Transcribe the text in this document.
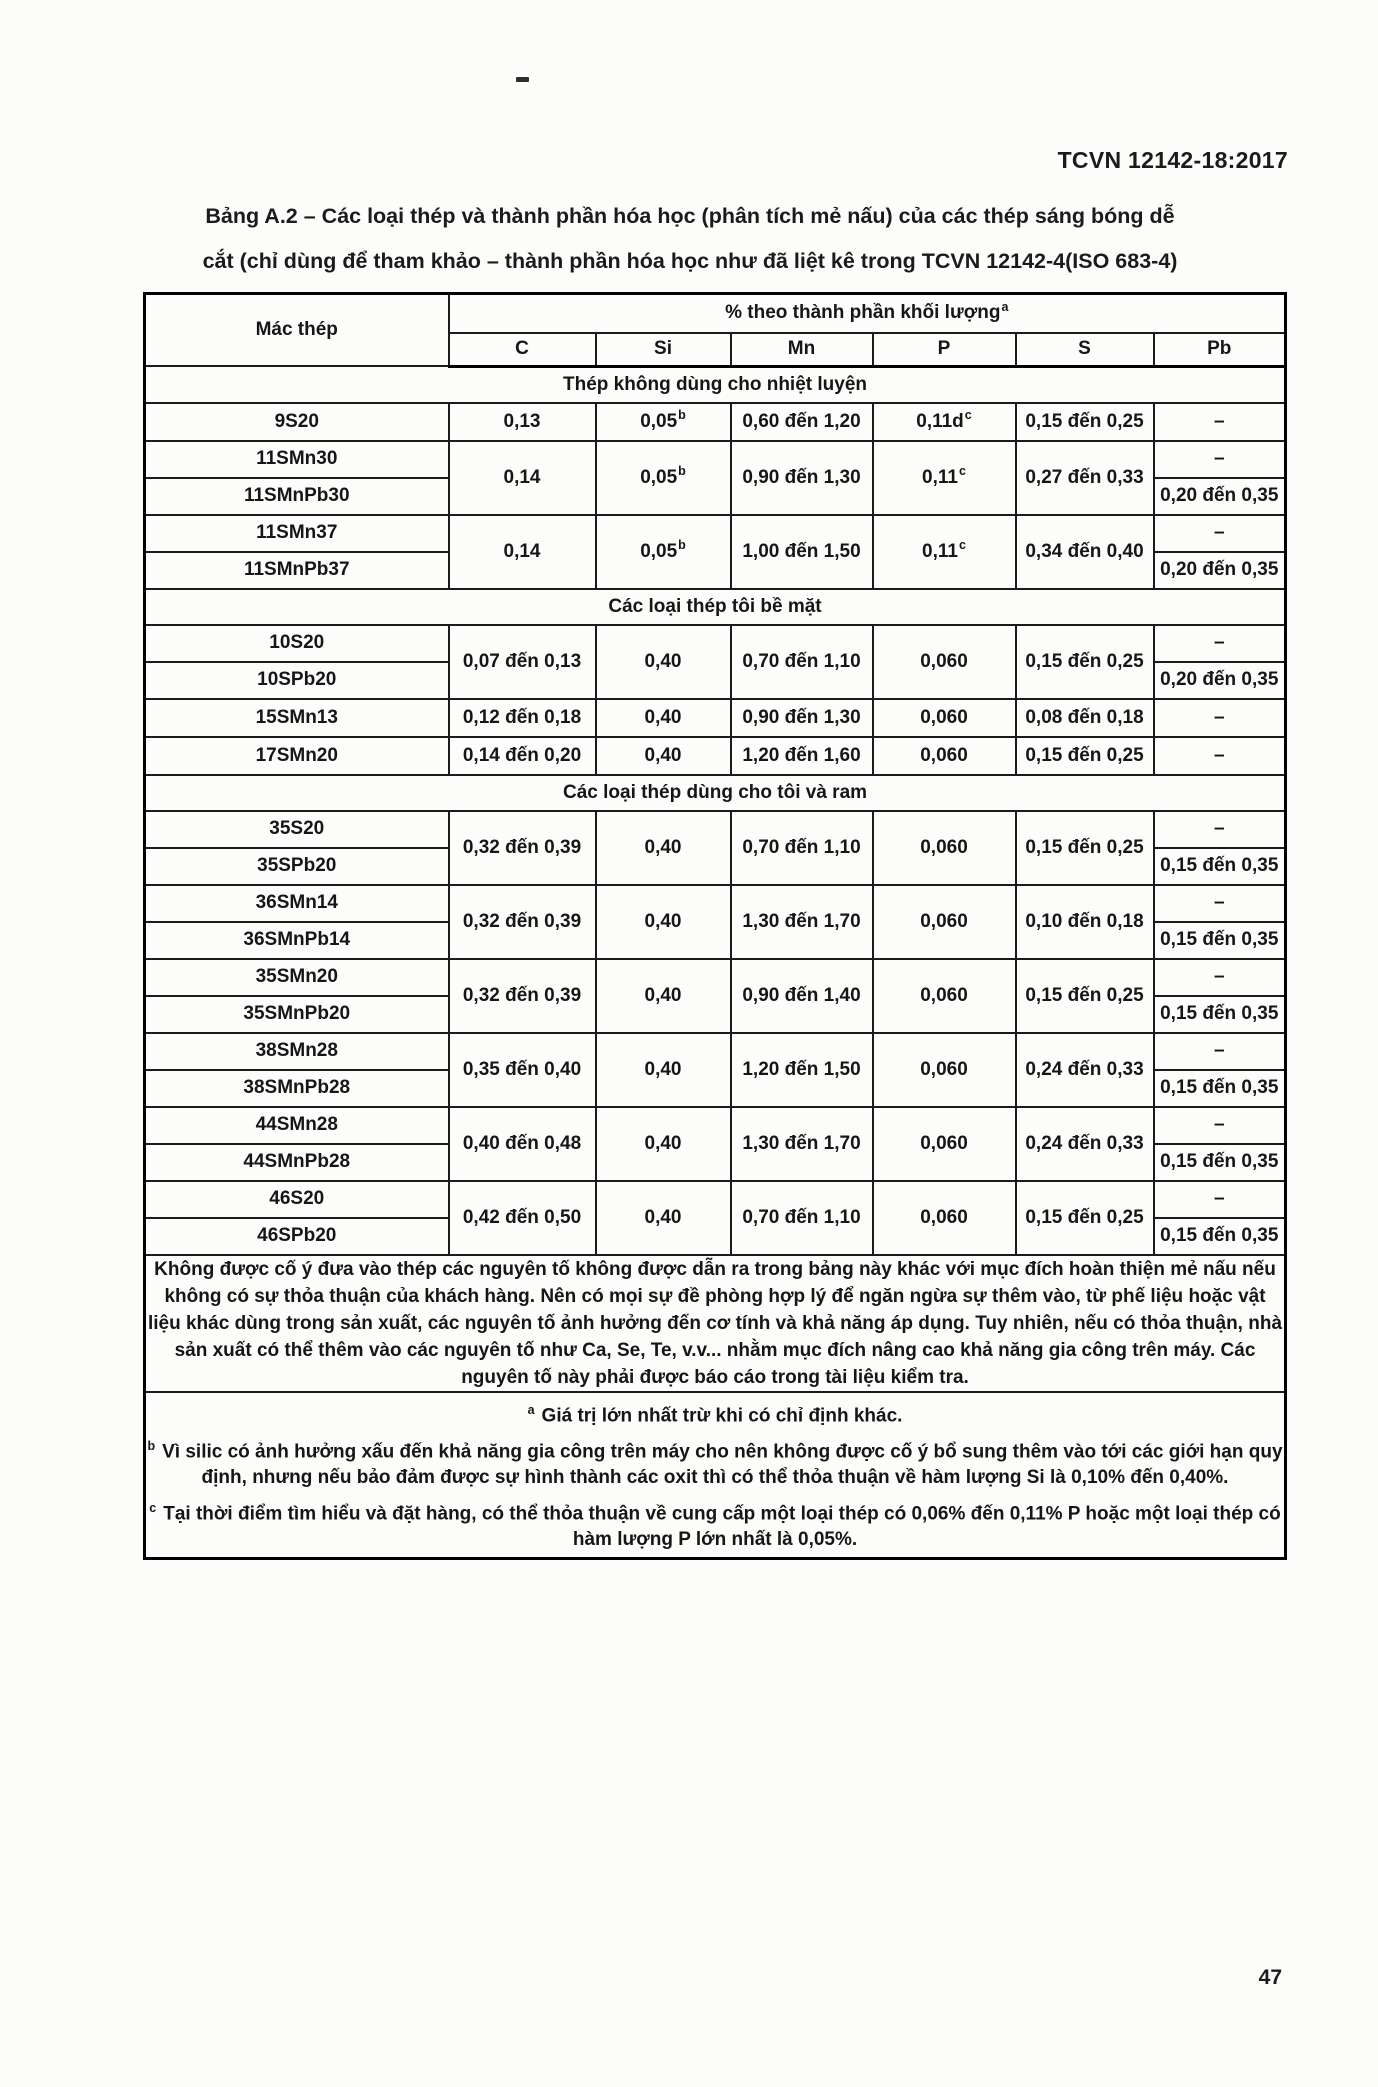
TCVN 12142-18:2017
Bảng A.2 – Các loại thép và thành phần hóa học (phân tích mẻ nấu) của các thép sáng bóng dễ
cắt (chỉ dùng để tham khảo – thành phần hóa học như đã liệt kê trong TCVN 12142-4(ISO 683-4)
Mác thép	% theo thành phần khối lượng$^a$
	C	Si	Mn	P	S	Pb
Thép không dùng cho nhiệt luyện						
9S20	0,13	0,05$^b$	0,60 đến 1,20	0,11d$^c$	0,15 đến 0,25	–
11SMn30	0,14	0,05$^b$	0,90 đến 1,30	0,11$^c$	0,27 đến 0,33	–
11SMnPb30						0,20 đến 0,35
11SMn37	0,14	0,05$^b$	1,00 đến 1,50	0,11$^c$	0,34 đến 0,40	–
11SMnPb37						0,20 đến 0,35
Các loại thép tôi bề mặt						
10S20	0,07 đến 0,13	0,40	0,70 đến 1,10	0,060	0,15 đến 0,25	–
10SPb20						0,20 đến 0,35
15SMn13	0,12 đến 0,18	0,40	0,90 đến 1,30	0,060	0,08 đến 0,18	–
17SMn20	0,14 đến 0,20	0,40	1,20 đến 1,60	0,060	0,15 đến 0,25	–
Các loại thép dùng cho tôi và ram						
35S20	0,32 đến 0,39	0,40	0,70 đến 1,10	0,060	0,15 đến 0,25	–
35SPb20						0,15 đến 0,35
36SMn14	0,32 đến 0,39	0,40	1,30 đến 1,70	0,060	0,10 đến 0,18	–
36SMnPb14						0,15 đến 0,35
35SMn20	0,32 đến 0,39	0,40	0,90 đến 1,40	0,060	0,15 đến 0,25	–
35SMnPb20						0,15 đến 0,35
38SMn28	0,35 đến 0,40	0,40	1,20 đến 1,50	0,060	0,24 đến 0,33	–
38SMnPb28						0,15 đến 0,35
44SMn28	0,40 đến 0,48	0,40	1,30 đến 1,70	0,060	0,24 đến 0,33	–
44SMnPb28						0,15 đến 0,35
46S20	0,42 đến 0,50	0,40	0,70 đến 1,10	0,060	0,15 đến 0,25	–
46SPb20						0,15 đến 0,35
Không được cố ý đưa vào thép các nguyên tố không được dẫn ra trong bảng này khác với mục đích hoàn thiện mẻ nấu nếu không có sự thỏa thuận của khách hàng. Nên có mọi sự đề phòng hợp lý để ngăn ngừa sự thêm vào, từ phế liệu hoặc vật liệu khác dùng trong sản xuất, các nguyên tố ảnh hưởng đến cơ tính và khả năng áp dụng. Tuy nhiên, nếu có thỏa thuận, nhà sản xuất có thể thêm vào các nguyên tố như Ca, Se, Te, v.v... nhằm mục đích nâng cao khả năng gia công trên máy. Các nguyên tố này phải được báo cáo trong tài liệu kiểm tra.						

$^a$ Giá trị lớn nhất trừ khi có chỉ định khác.
$^b$ Vì silic có ảnh hưởng xấu đến khả năng gia công trên máy cho nên không được cố ý bổ sung thêm vào tới các giới hạn quy định, nhưng nếu bảo đảm được sự hình thành các oxit thì có thể thỏa thuận về hàm lượng Si là 0,10% đến 0,40%.
$^c$ Tại thời điểm tìm hiểu và đặt hàng, có thể thỏa thuận về cung cấp một loại thép có 0,06% đến 0,11% P hoặc một loại thép có hàm lượng P lớn nhất là 0,05%.						
47
